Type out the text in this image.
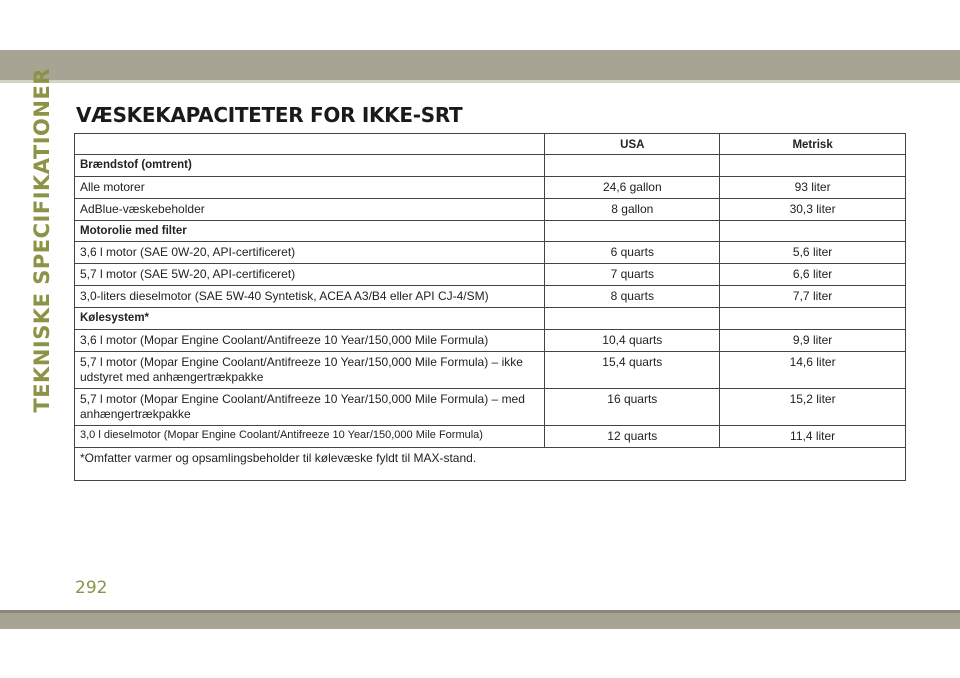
TEKNISKE SPECIFIKATIONER VÆSKEKAPACITETER FOR IKKE-SRT
	USA	Metrisk
Brændstof (omtrent)		
Alle motorer	24,6 gallon	93 liter
AdBlue-væskebeholder	8 gallon	30,3 liter
Motorolie med filter		
3,6 l motor (SAE 0W-20, API-certificeret)	6 quarts	5,6 liter
5,7 l motor (SAE 5W-20, API-certificeret)	7 quarts	6,6 liter
3,0-liters dieselmotor (SAE 5W-40 Syntetisk, ACEA A3/B4 eller API CJ-4/SM)	8 quarts	7,7 liter
Kølesystem*		
3,6 l motor (Mopar Engine Coolant/Antifreeze 10 Year/150,000 Mile Formula)	10,4 quarts	9,9 liter
5,7 l motor (Mopar Engine Coolant/Antifreeze 10 Year/150,000 Mile Formula) – ikke udstyret med anhængertrækpakke	15,4 quarts	14,6 liter
5,7 l motor (Mopar Engine Coolant/Antifreeze 10 Year/150,000 Mile Formula) – med anhængertrækpakke	16 quarts	15,2 liter
3,0 l dieselmotor (Mopar Engine Coolant/Antifreeze 10 Year/150,000 Mile Formula)	12 quarts	11,4 liter
*Omfatter varmer og opsamlingsbeholder til kølevæske fyldt til MAX-stand.		
292
